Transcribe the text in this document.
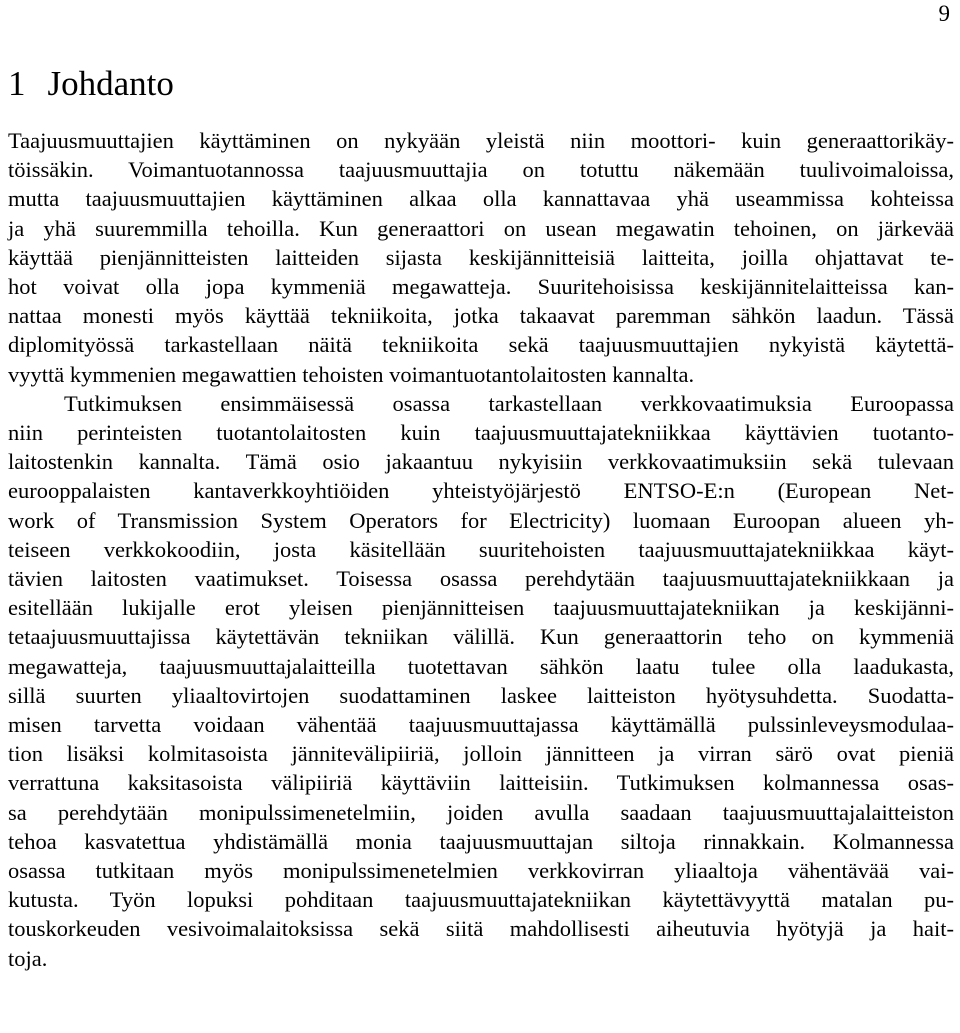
9
1 Johdanto
Taajuusmuuttajien käyttäminen on nykyään yleistä niin moottori- kuin generaattorikäy-
töissäkin. Voimantuotannossa taajuusmuuttajia on totuttu näkemään tuulivoimaloissa,
mutta taajuusmuuttajien käyttäminen alkaa olla kannattavaa yhä useammissa kohteissa
ja yhä suuremmilla tehoilla. Kun generaattori on usean megawatin tehoinen, on järkevää
käyttää pienjännitteisten laitteiden sijasta keskijännitteisiä laitteita, joilla ohjattavat te-
hot voivat olla jopa kymmeniä megawatteja. Suuritehoisissa keskijännitelaitteissa kan-
nattaa monesti myös käyttää tekniikoita, jotka takaavat paremman sähkön laadun. Tässä
diplomityössä tarkastellaan näitä tekniikoita sekä taajuusmuuttajien nykyistä käytettä-
vyyttä kymmenien megawattien tehoisten voimantuotantolaitosten kannalta.
Tutkimuksen ensimmäisessä osassa tarkastellaan verkkovaatimuksia Euroopassa
niin perinteisten tuotantolaitosten kuin taajuusmuuttajatekniikkaa käyttävien tuotanto-
laitostenkin kannalta. Tämä osio jakaantuu nykyisiin verkkovaatimuksiin sekä tulevaan
eurooppalaisten kantaverkkoyhtiöiden yhteistyöjärjestö ENTSO-E:n (European Net-
work of Transmission System Operators for Electricity) luomaan Euroopan alueen yh-
teiseen verkkokoodiin, josta käsitellään suuritehoisten taajuusmuuttajatekniikkaa käyt-
tävien laitosten vaatimukset. Toisessa osassa perehdytään taajuusmuuttajatekniikkaan ja
esitellään lukijalle erot yleisen pienjännitteisen taajuusmuuttajatekniikan ja keskijänni-
tetaajuusmuuttajissa käytettävän tekniikan välillä. Kun generaattorin teho on kymmeniä
megawatteja, taajuusmuuttajalaitteilla tuotettavan sähkön laatu tulee olla laadukasta,
sillä suurten yliaaltovirtojen suodattaminen laskee laitteiston hyötysuhdetta. Suodatta-
misen tarvetta voidaan vähentää taajuusmuuttajassa käyttämällä pulssinleveysmodulaa-
tion lisäksi kolmitasoista jännitevälipiiriä, jolloin jännitteen ja virran särö ovat pieniä
verrattuna kaksitasoista välipiiriä käyttäviin laitteisiin. Tutkimuksen kolmannessa osas-
sa perehdytään monipulssimenetelmiin, joiden avulla saadaan taajuusmuuttajalaitteiston
tehoa kasvatettua yhdistämällä monia taajuusmuuttajan siltoja rinnakkain. Kolmannessa
osassa tutkitaan myös monipulssimenetelmien verkkovirran yliaaltoja vähentävää vai-
kutusta. Työn lopuksi pohditaan taajuusmuuttajatekniikan käytettävyyttä matalan pu-
touskorkeuden vesivoimalaitoksissa sekä siitä mahdollisesti aiheutuvia hyötyjä ja hait-
toja.
